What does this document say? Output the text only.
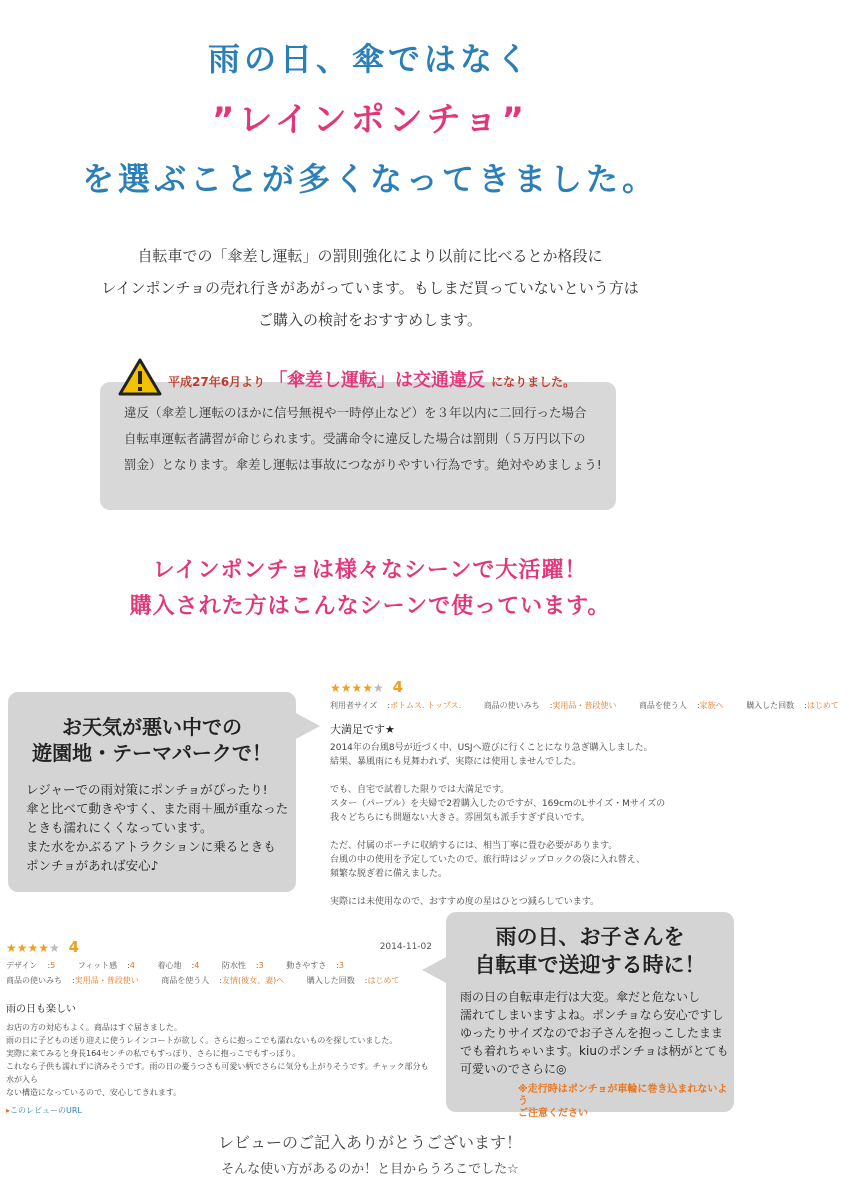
雨の日、傘ではなく
”レインポンチョ”
を選ぶことが多くなってきました。
自転車での「傘差し運転」の罰則強化により以前に比べるとか格段に
レインポンチョの売れ行きがあがっています。もしまだ買っていないという方は
ご購入の検討をおすすめします。
平成27年6月より 「傘差し運転」は交通違反 になりました。
違反（傘差し運転のほかに信号無視や一時停止など）を３年以内に二回行った場合
自転車運転者講習が命じられます。受講命令に違反した場合は罰則（５万円以下の
罰金）となります。傘差し運転は事故につながりやすい行為です。絶対やめましょう!
レインポンチョは様々なシーンで大活躍！
購入された方はこんなシーンで使っています。
お天気が悪い中での
遊園地・テーマパークで！
レジャーでの雨対策にポンチョがぴったり!
傘と比べて動きやすく、また雨＋風が重なった
ときも濡れにくくなっています。
また水をかぶるアトラクションに乗るときも
ポンチョがあれば安心♪
★★★★★ 4
利用者サイズ :ボトムス. トップス.	商品の使いみち :実用品・普段使い	商品を使う人 :家族へ	購入した回数 :はじめて
大満足です★
2014年の台風8号が近づく中、USJへ遊びに行くことになり急ぎ購入しました。
結果、暴風雨にも見舞われず、実際には使用しませんでした。
でも、自宅で試着した限りでは大満足です。
スター（パープル）を夫婦で2着購入したのですが、169cmのLサイズ・Mサイズの
我々どちらにも問題ない大きさ。雰囲気も派手すぎず良いです。
ただ、付属のポーチに収納するには、相当丁寧に畳む必要があります。
台風の中の使用を予定していたので、旅行時はジップロックの袋に入れ替え、
頻繁な脱ぎ着に備えました。
実際には未使用なので、おすすめ度の星はひとつ減らしています。
★★★★★ 4	2014-11-02
デザイン :5	フィット感 :4	着心地 :4	防水性 :3	動きやすさ :3
商品の使いみち :実用品・普段使い	商品を使う人 :友情(彼女、妻)へ	購入した回数 :はじめて
雨の日も楽しい
お店の方の対応もよく。商品はすぐ届きました。
雨の日に子どもの送り迎えに使うレインコートが欲しく。さらに抱っこでも濡れないものを探していました。
実際に来てみると身長164センチの私でもすっぽり、さらに抱っこでもすっぽり。
これなら子供も濡れずに済みそうです。雨の日の憂うつさも可愛い柄でさらに気分も上がりそうです。チャック部分も水が入ら
ない構造になっているので、安心してきれます。
▸このレビューのURL
雨の日、お子さんを
自転車で送迎する時に！
雨の日の自転車走行は大変。傘だと危ないし
濡れてしまいますよね。ポンチョなら安心ですし
ゆったりサイズなのでお子さんを抱っこしたまま
でも着れちゃいます。kiuのポンチョは柄がとても
可愛いのでさらに◎
※走行時はポンチョが車輪に巻き込まれないよう
ご注意ください
レビューのご記入ありがとうございます！
そんな使い方があるのか！と目からうろこでした☆
